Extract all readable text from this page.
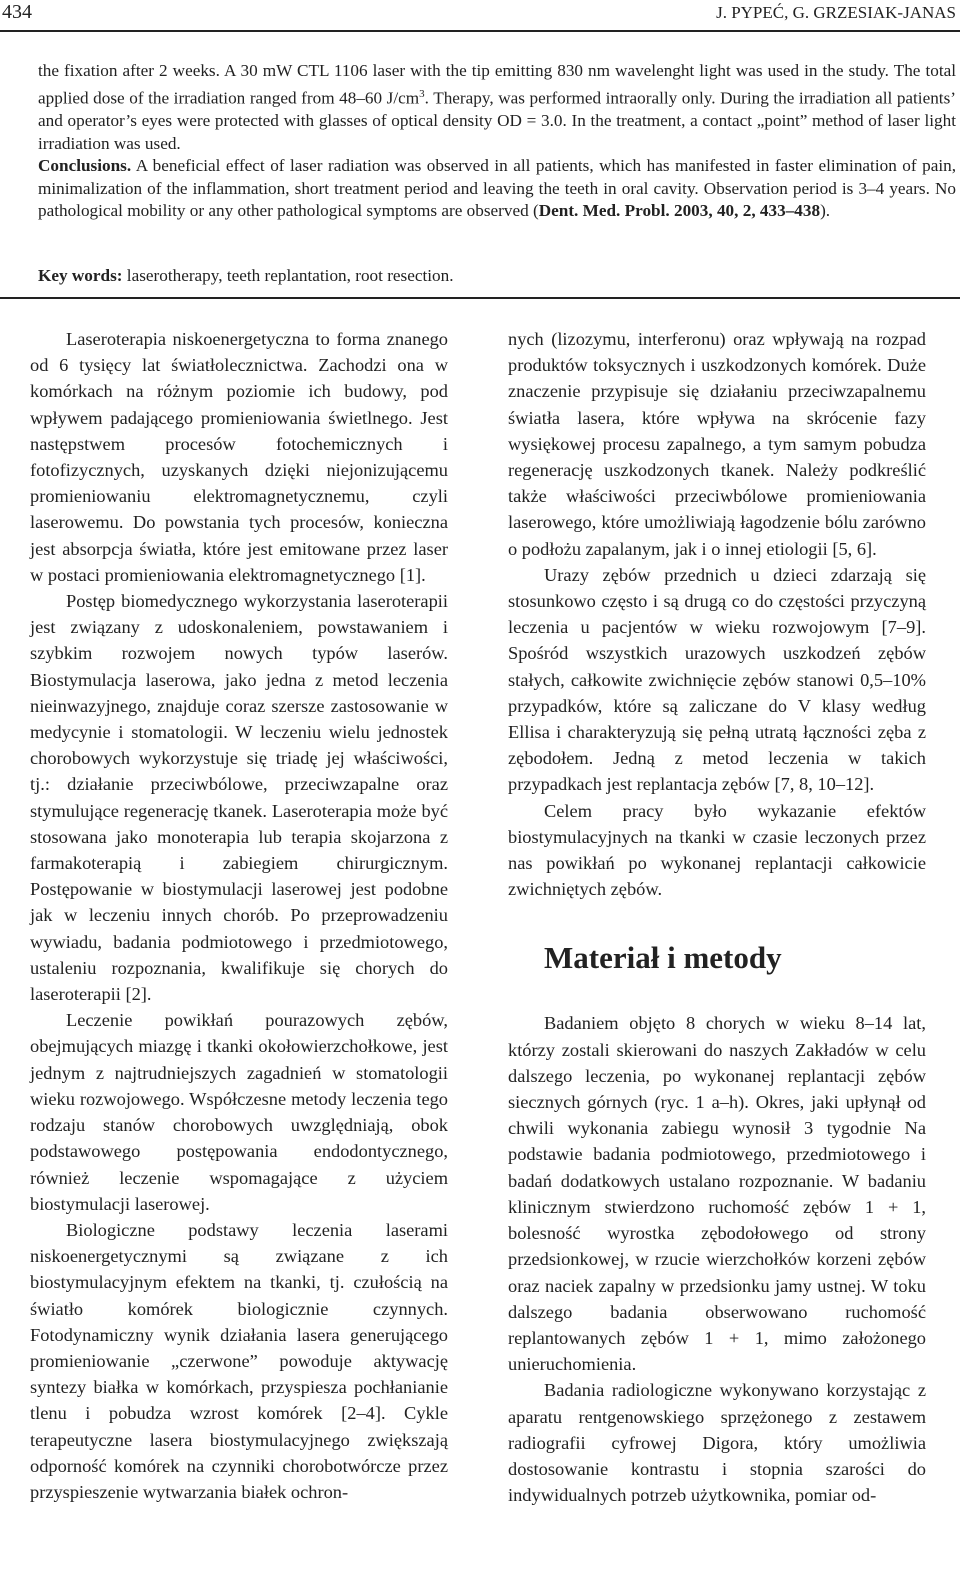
434	J. PYPEĆ, G. GRZESIAK-JANAS

the fixation after 2 weeks. A 30 mW CTL 1106 laser with the tip emitting 830 nm wavelenght light was used in the study. The total applied dose of the irradiation ranged from 48–60 $J/cm^3$. Therapy, was performed intraorally only. During the irradiation all patients’ and operator’s eyes were protected with glasses of optical density OD = 3.0. In the treatment, a contact „point” method of laser light irradiation was used.

Conclusions. A beneficial effect of laser radiation was observed in all patients, which has manifested in faster elimination of pain, minimalization of the inflammation, short treatment period and leaving the teeth in oral cavity. Observation period is 3–4 years. No pathological mobility or any other pathological symptoms are observed (Dent. Med. Probl. 2003, 40, 2, 433–438).

Key words: laserotherapy, teeth replantation, root resection.

Laseroterapia niskoenergetyczna to forma znanego od 6 tysięcy lat światłolecznictwa. Zachodzi ona w komórkach na różnym poziomie ich budowy, pod wpływem padającego promieniowania świetlnego. Jest następstwem procesów fotochemicznych i fotofizycznych, uzyskanych dzięki niejonizującemu promieniowaniu elektromagnetycznemu, czyli laserowemu. Do powstania tych procesów, konieczna jest absorpcja światła, które jest emitowane przez laser w postaci promieniowania elektromagnetycznego [1].

Postęp biomedycznego wykorzystania laseroterapii jest związany z udoskonaleniem, powstawaniem i szybkim rozwojem nowych typów laserów. Biostymulacja laserowa, jako jedna z metod leczenia nieinwazyjnego, znajduje coraz szersze zastosowanie w medycynie i stomatologii. W leczeniu wielu jednostek chorobowych wykorzystuje się triadę jej właściwości, tj.: działanie przeciwbólowe, przeciwzapalne oraz stymulujące regenerację tkanek. Laseroterapia może być stosowana jako monoterapia lub terapia skojarzona z farmakoterapią i zabiegiem chirurgicznym. Postępowanie w biostymulacji laserowej jest podobne jak w leczeniu innych chorób. Po przeprowadzeniu wywiadu, badania podmiotowego i przedmiotowego, ustaleniu rozpoznania, kwalifikuje się chorych do laseroterapii [2].

Leczenie powikłań pourazowych zębów, obejmujących miazgę i tkanki okołowierzchołkowe, jest jednym z najtrudniejszych zagadnień w stomatologii wieku rozwojowego. Współczesne metody leczenia tego rodzaju stanów chorobowych uwzględniają, obok podstawowego postępowania endodontycznego, również leczenie wspomagające z użyciem biostymulacji laserowej.

Biologiczne podstawy leczenia laserami niskoenergetycznymi są związane z ich biostymulacyjnym efektem na tkanki, tj. czułością na światło komórek biologicznie czynnych. Fotodynamiczny wynik działania lasera generującego promieniowanie „czerwone” powoduje aktywację syntezy białka w komórkach, przyspiesza pochłanianie tlenu i pobudza wzrost komórek [2–4]. Cykle terapeutyczne lasera biostymulacyjnego zwiększają odporność komórek na czynniki chorobotwórcze przez przyspieszenie wytwarzania białek ochron-

nych (lizozymu, interferonu) oraz wpływają na rozpad produktów toksycznych i uszkodzonych komórek. Duże znaczenie przypisuje się działaniu przeciwzapalnemu światła lasera, które wpływa na skrócenie fazy wysiękowej procesu zapalnego, a tym samym pobudza regenerację uszkodzonych tkanek. Należy podkreślić także właściwości przeciwbólowe promieniowania laserowego, które umożliwiają łagodzenie bólu zarówno o podłożu zapalanym, jak i o innej etiologii [5, 6].

Urazy zębów przednich u dzieci zdarzają się stosunkowo często i są drugą co do częstości przyczyną leczenia u pacjentów w wieku rozwojowym [7–9]. Spośród wszystkich urazowych uszkodzeń zębów stałych, całkowite zwichnięcie zębów stanowi 0,5–10% przypadków, które są zaliczane do V klasy według Ellisa i charakteryzują się pełną utratą łączności zęba z zębodołem. Jedną z metod leczenia w takich przypadkach jest replantacja zębów [7, 8, 10–12].

Celem pracy było wykazanie efektów biostymulacyjnych na tkanki w czasie leczonych przez nas powikłań po wykonanej replantacji całkowicie zwichniętych zębów.

Materiał i metody

Badaniem objęto 8 chorych w wieku 8–14 lat, którzy zostali skierowani do naszych Zakładów w celu dalszego leczenia, po wykonanej replantacji zębów siecznych górnych (ryc. 1 a–h). Okres, jaki upłynął od chwili wykonania zabiegu wynosił 3 tygodnie Na podstawie badania podmiotowego, przedmiotowego i badań dodatkowych ustalano rozpoznanie. W badaniu klinicznym stwierdzono ruchomość zębów 1 + 1, bolesność wyrostka zębodołowego od strony przedsionkowej, w rzucie wierzchołków korzeni zębów oraz naciek zapalny w przedsionku jamy ustnej. W toku dalszego badania obserwowano ruchomość replantowanych zębów 1 + 1, mimo założonego unieruchomienia.

Badania radiologiczne wykonywano korzystając z aparatu rentgenowskiego sprzężonego z zestawem radiografii cyfrowej Digora, który umożliwia dostosowanie kontrastu i stopnia szarości do indywidualnych potrzeb użytkownika, pomiar od-
